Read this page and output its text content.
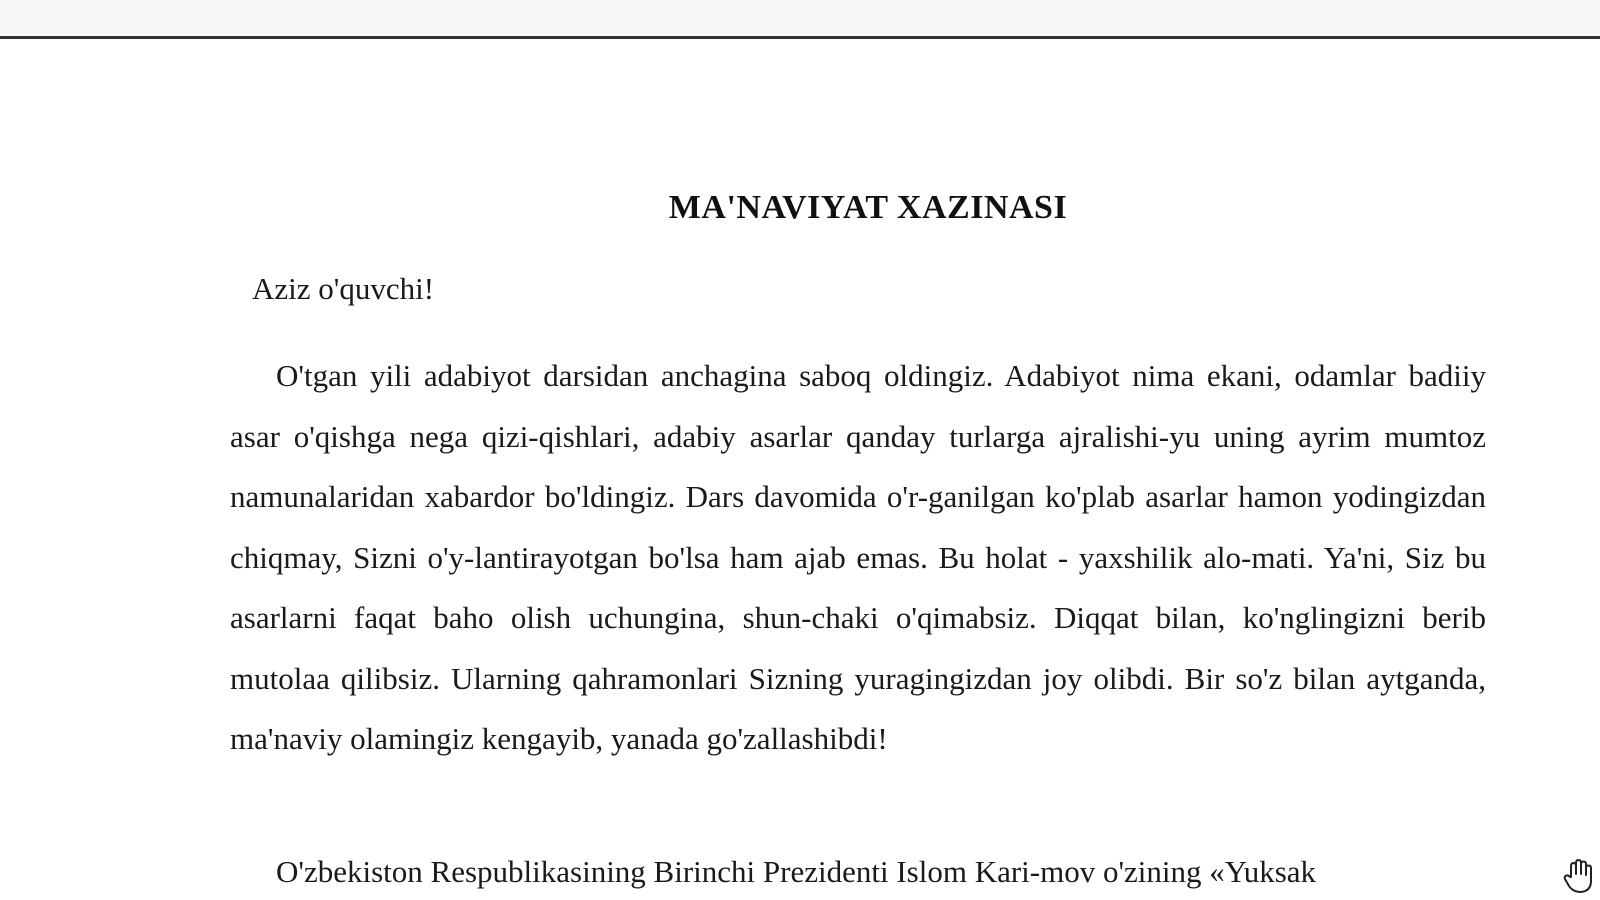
MA'NAVIYAT XAZINASI

Aziz o'quvchi!

O'tgan yili adabiyot darsidan anchagina saboq oldingiz. Adabiyot nima ekani, odamlar badiiy asar o'qishga nega qizi-qishlari, adabiy asarlar qanday turlarga ajralishi-yu uning ayrim mumtoz namunalaridan xabardor bo'ldingiz. Dars davomida o'r-ganilgan ko'plab asarlar hamon yodingizdan chiqmay, Sizni o'y-lantirayotgan bo'lsa ham ajab emas. Bu holat - yaxshilik alo-mati. Ya'ni, Siz bu asarlarni faqat baho olish uchungina, shun-chaki o'qimabsiz. Diqqat bilan, ko'nglingizni berib mutolaa qilibsiz. Ularning qahramonlari Sizning yuragingizdan joy olibdi. Bir so'z bilan aytganda, ma'naviy olamingiz kengayib, yanada go'zallashibdi!

O'zbekiston Respublikasining Birinchi Prezidenti Islom Kari-mov o'zining «Yuksak
